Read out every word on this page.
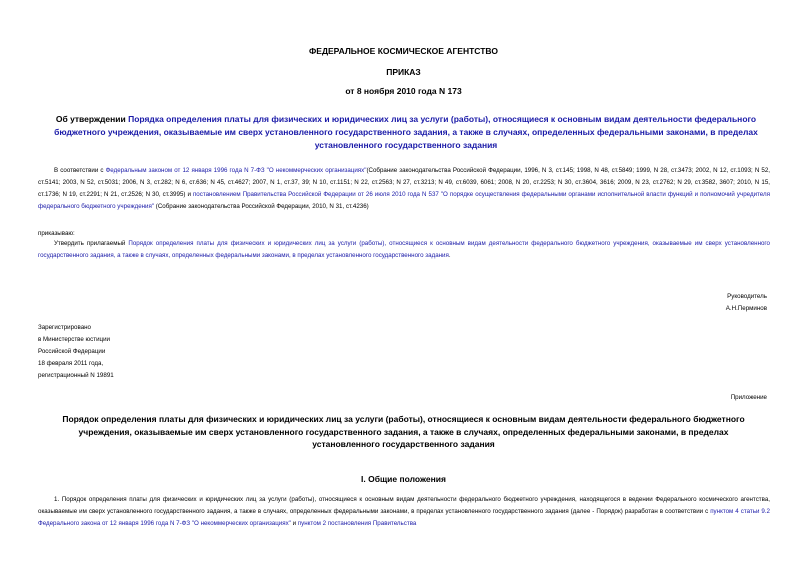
ФЕДЕРАЛЬНОЕ КОСМИЧЕСКОЕ АГЕНТСТВО
ПРИКАЗ
от 8 ноября 2010 года N 173
Об утверждении Порядка определения платы для физических и юридических лиц за услуги (работы), относящиеся к основным видам деятельности федерального бюджетного учреждения, оказываемые им сверх установленного государственного задания, а также в случаях, определенных федеральными законами, в пределах установленного государственного задания
В соответствии с Федеральным законом от 12 января 1996 года N 7-ФЗ "О некоммерческих организациях"(Собрание законодательства Российской Федерации, 1996, N 3, ст.145; 1998, N 48, ст.5849; 1999, N 28, ст.3473; 2002, N 12, ст.1093; N 52, ст.5141; 2003, N 52, ст.5031; 2006, N 3, ст.282; N 6, ст.636; N 45, ст.4627; 2007, N 1, ст.37, 39; N 10, ст.1151; N 22, ст.2563; N 27, ст.3213; N 49, ст.6039, 6061; 2008, N 20, ст.2253; N 30, ст.3604, 3616; 2009, N 23, ст.2762; N 29, ст.3582, 3607; 2010, N 15, ст.1736; N 19, ст.2291; N 21, ст.2526; N 30, ст.3995) и постановлением Правительства Российской Федерации от 26 июля 2010 года N 537 "О порядке осуществления федеральными органами исполнительной власти функций и полномочий учредителя федерального бюджетного учреждения" (Собрание законодательства Российской Федерации, 2010, N 31, ст.4236)
приказываю:
Утвердить прилагаемый Порядок определения платы для физических и юридических лиц за услуги (работы), относящиеся к основным видам деятельности федерального бюджетного учреждения, оказываемые им сверх установленного государственного задания, а также в случаях, определенных федеральными законами, в пределах установленного государственного задания.
Руководитель
А.Н.Перминов
Зарегистрировано
в Министерстве юстиции
Российской Федерации
18 февраля 2011 года,
регистрационный N 19891
Приложение
Порядок определения платы для физических и юридических лиц за услуги (работы), относящиеся к основным видам деятельности федерального бюджетного учреждения, оказываемые им сверх установленного государственного задания, а также в случаях, определенных федеральными законами, в пределах установленного государственного задания
I. Общие положения
1. Порядок определения платы для физических и юридических лиц за услуги (работы), относящиеся к основным видам деятельности федерального бюджетного учреждения, находящегося в ведении Федерального космического агентства, оказываемые им сверх установленного государственного задания, а также в случаях, определенных федеральными законами, в пределах установленного государственного задания (далее - Порядок) разработан в соответствии с пунктом 4 статьи 9.2 Федерального закона от 12 января 1996 года N 7-ФЗ "О некоммерческих организациях" и пунктом 2 постановления Правительства
